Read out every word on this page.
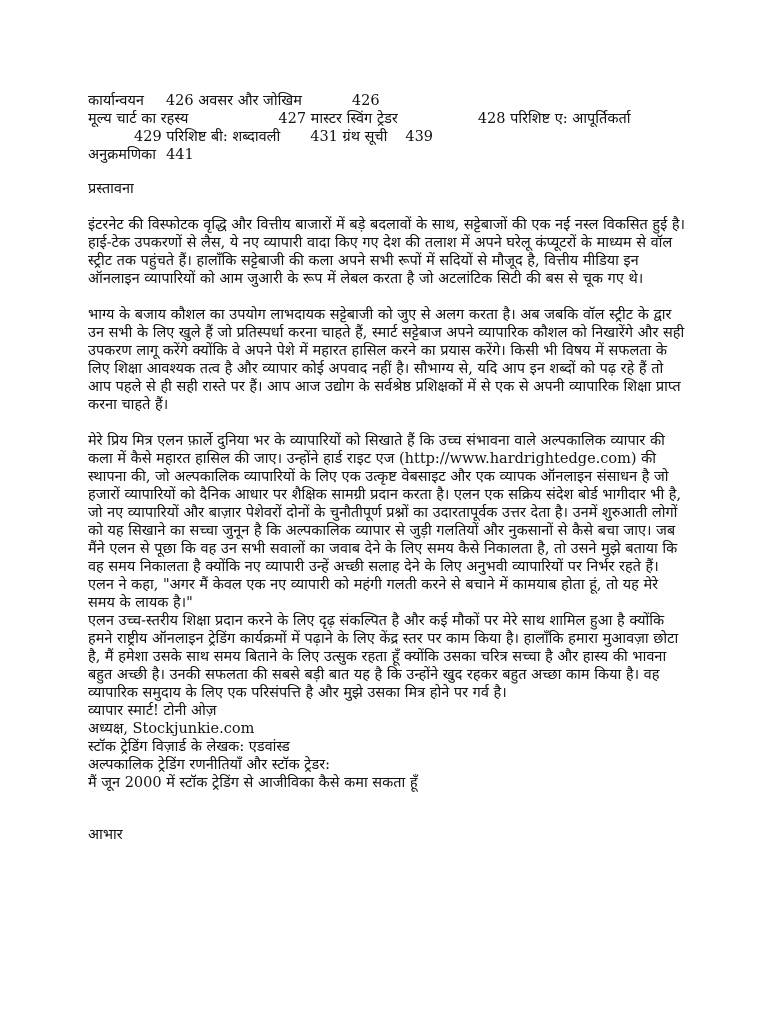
कार्यान्वयन 426 अवसर और जोखिम	426
मूल्य चार्ट का रहस्य	427 मास्टर स्विंग ट्रेडर	428 परिशिष्ट ए: आपूर्तिकर्ता
429 परिशिष्ट बी: शब्दावली 431 ग्रंथ सूची 439
अनुक्रमणिका 441
प्रस्तावना

इंटरनेट की विस्फोटक वृद्धि और वित्तीय बाजारों में बड़े बदलावों के साथ, सट्टेबाजों की एक नई नस्ल विकसित हुई है। हाई-टेक उपकरणों से लैस, ये नए व्यापारी वादा किए गए देश की तलाश में अपने घरेलू कंप्यूटरों के माध्यम से वॉल स्ट्रीट तक पहुंचते हैं। हालाँकि सट्टेबाजी की कला अपने सभी रूपों में सदियों से मौजूद है, वित्तीय मीडिया इन ऑनलाइन व्यापारियों को आम जुआरी के रूप में लेबल करता है जो अटलांटिक सिटी की बस से चूक गए थे।

भाग्य के बजाय कौशल का उपयोग लाभदायक सट्टेबाजी को जुए से अलग करता है। अब जबकि वॉल स्ट्रीट के द्वार उन सभी के लिए खुले हैं जो प्रतिस्पर्धा करना चाहते हैं, स्मार्ट सट्टेबाज अपने व्यापारिक कौशल को निखारेंगे और सही उपकरण लागू करेंगे क्योंकि वे अपने पेशे में महारत हासिल करने का प्रयास करेंगे। किसी भी विषय में सफलता के लिए शिक्षा आवश्यक तत्व है और व्यापार कोई अपवाद नहीं है। सौभाग्य से, यदि आप इन शब्दों को पढ़ रहे हैं तो आप पहले से ही सही रास्ते पर हैं। आप आज उद्योग के सर्वश्रेष्ठ प्रशिक्षकों में से एक से अपनी व्यापारिक शिक्षा प्राप्त करना चाहते हैं।

मेरे प्रिय मित्र एलन फ़ार्ले दुनिया भर के व्यापारियों को सिखाते हैं कि उच्च संभावना वाले अल्पकालिक व्यापार की कला में कैसे महारत हासिल की जाए। उन्होंने हार्ड राइट एज (http://www.hardrightedge.com) की स्थापना की, जो अल्पकालिक व्यापारियों के लिए एक उत्कृष्ट वेबसाइट और एक व्यापक ऑनलाइन संसाधन है जो हजारों व्यापारियों को दैनिक आधार पर शैक्षिक सामग्री प्रदान करता है। एलन एक सक्रिय संदेश बोर्ड भागीदार भी है, जो नए व्यापारियों और बाज़ार पेशेवरों दोनों के चुनौतीपूर्ण प्रश्नों का उदारतापूर्वक उत्तर देता है। उनमें शुरुआती लोगों को यह सिखाने का सच्चा जुनून है कि अल्पकालिक व्यापार से जुड़ी गलतियों और नुकसानों से कैसे बचा जाए। जब मैंने एलन से पूछा कि वह उन सभी सवालों का जवाब देने के लिए समय कैसे निकालता है, तो उसने मुझे बताया कि वह समय निकालता है क्योंकि नए व्यापारी उन्हें अच्छी सलाह देने के लिए अनुभवी व्यापारियों पर निर्भर रहते हैं। एलन ने कहा, "अगर मैं केवल एक नए व्यापारी को महंगी गलती करने से बचाने में कामयाब होता हूं, तो यह मेरे समय के लायक है।"

एलन उच्च-स्तरीय शिक्षा प्रदान करने के लिए दृढ़ संकल्पित है और कई मौकों पर मेरे साथ शामिल हुआ है क्योंकि हमने राष्ट्रीय ऑनलाइन ट्रेडिंग कार्यक्रमों में पढ़ाने के लिए केंद्र स्तर पर काम किया है। हालाँकि हमारा मुआवज़ा छोटा है, मैं हमेशा उसके साथ समय बिताने के लिए उत्सुक रहता हूँ क्योंकि उसका चरित्र सच्चा है और हास्य की भावना बहुत अच्छी है। उनकी सफलता की सबसे बड़ी बात यह है कि उन्होंने खुद रहकर बहुत अच्छा काम किया है। वह व्यापारिक समुदाय के लिए एक परिसंपत्ति है और मुझे उसका मित्र होने पर गर्व है।

व्यापार स्मार्ट! टोनी ओज़

अध्यक्ष, Stockjunkie.com

स्टॉक ट्रेडिंग विज़ार्ड के लेखक: एडवांस्ड

अल्पकालिक ट्रेडिंग रणनीतियाँ और स्टॉक ट्रेडर:

मैं जून 2000 में स्टॉक ट्रेडिंग से आजीविका कैसे कमा सकता हूँ

आभार
